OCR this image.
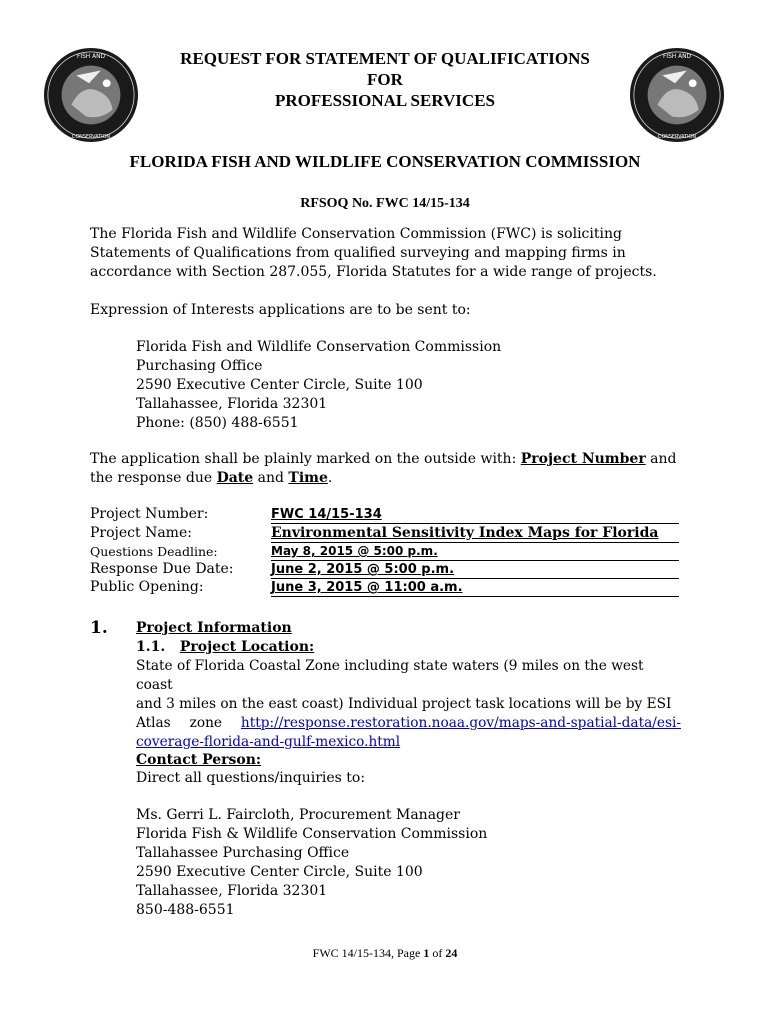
FISH AND
CONSERVATION
FISH AND
CONSERVATION
REQUEST FOR STATEMENT OF QUALIFICATIONS
FOR
PROFESSIONAL SERVICES
FLORIDA FISH AND WILDLIFE CONSERVATION COMMISSION
RFSOQ No. FWC 14/15-134
The Florida Fish and Wildlife Conservation Commission (FWC) is soliciting
Statements of Qualifications from qualified surveying and mapping firms in
accordance with Section 287.055, Florida Statutes for a wide range of projects.
Expression of Interests applications are to be sent to:
Florida Fish and Wildlife Conservation Commission
Purchasing Office
2590 Executive Center Circle, Suite 100
Tallahassee, Florida 32301
Phone: (850) 488-6551
The application shall be plainly marked on the outside with: Project Number and
the response due Date and Time.
Project Number:	FWC 14/15-134
Project Name:	Environmental Sensitivity Index Maps for Florida
Questions Deadline:	May 8, 2015 @ 5:00 p.m.
Response Due Date:	June 2, 2015 @ 5:00 p.m.
Public Opening:	June 3, 2015 @ 11:00 a.m.
1. Project Information
1.1. Project Location:
State of Florida Coastal Zone including state waters (9 miles on the west coast
and 3 miles on the east coast) Individual project task locations will be by ESI
Atlas zone http://response.restoration.noaa.gov/maps-and-spatial-data/esi-
coverage-florida-and-gulf-mexico.html
Contact Person:
Direct all questions/inquiries to:
Ms. Gerri L. Faircloth, Procurement Manager
Florida Fish & Wildlife Conservation Commission
Tallahassee Purchasing Office
2590 Executive Center Circle, Suite 100
Tallahassee, Florida 32301
850-488-6551
FWC 14/15-134, Page 1 of 24
